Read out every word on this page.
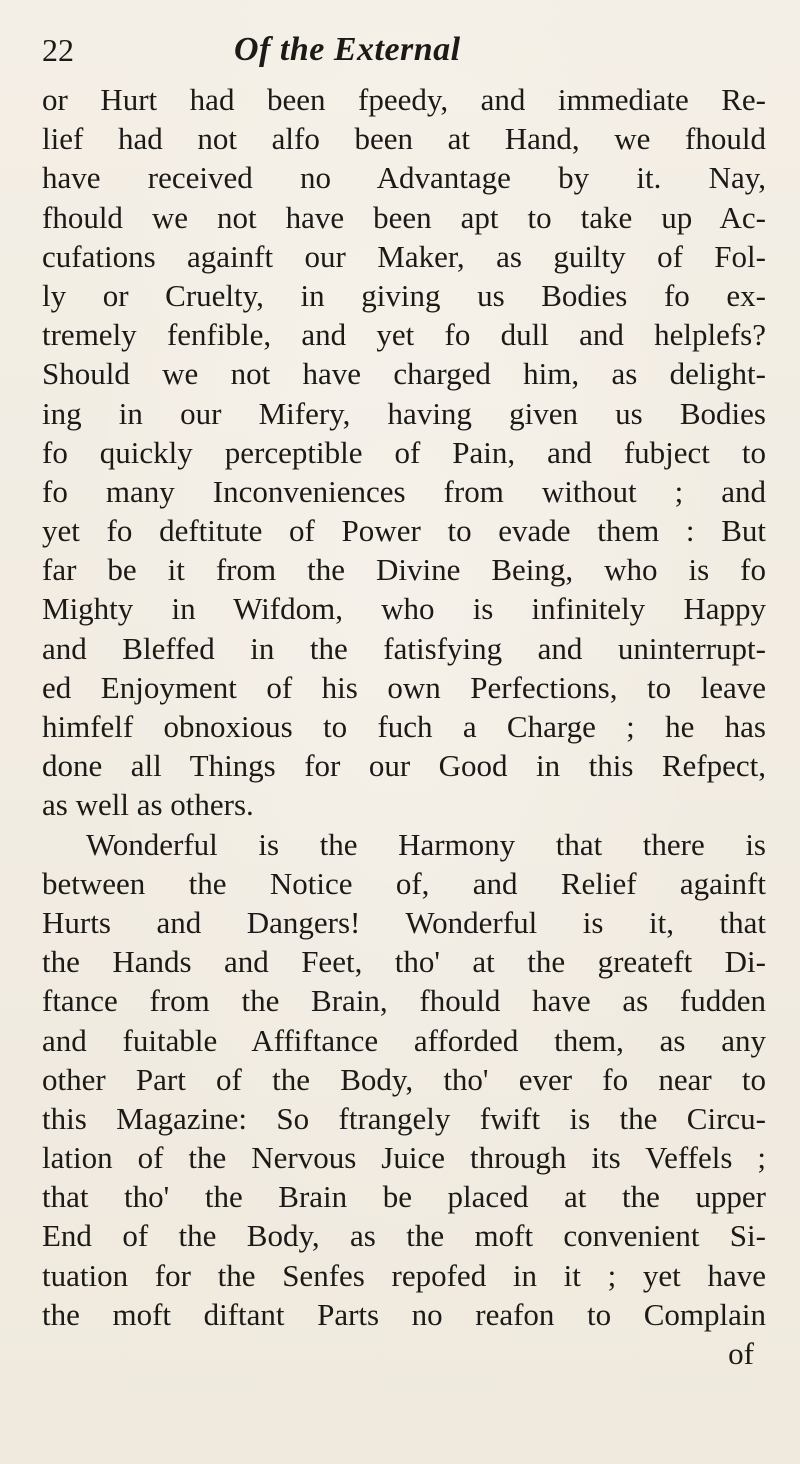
22	Of the External
or Hurt had been fpeedy, and immediate Re-
lief had not alfo been at Hand, we fhould
have received no Advantage by it. Nay,
fhould we not have been apt to take up Ac-
cufations againft our Maker, as guilty of Fol-
ly or Cruelty, in giving us Bodies fo ex-
tremely fenfible, and yet fo dull and helplefs?
Should we not have charged him, as delight-
ing in our Mifery, having given us Bodies
fo quickly perceptible of Pain, and fubject to
fo many Inconveniences from without ; and
yet fo deftitute of Power to evade them : But
far be it from the Divine Being, who is fo
Mighty in Wifdom, who is infinitely Happy
and Bleffed in the fatisfying and uninterrupt-
ed Enjoyment of his own Perfections, to leave
himfelf obnoxious to fuch a Charge ; he has
done all Things for our Good in this Refpect,
as well as others.
Wonderful is the Harmony that there is
between the Notice of, and Relief againft
Hurts and Dangers! Wonderful is it, that
the Hands and Feet, tho' at the greateft Di-
ftance from the Brain, fhould have as fudden
and fuitable Affiftance afforded them, as any
other Part of the Body, tho' ever fo near to
this Magazine: So ftrangely fwift is the Circu-
lation of the Nervous Juice through its Veffels ;
that tho' the Brain be placed at the upper
End of the Body, as the moft convenient Si-
tuation for the Senfes repofed in it ; yet have
the moft diftant Parts no reafon to Complain
of
